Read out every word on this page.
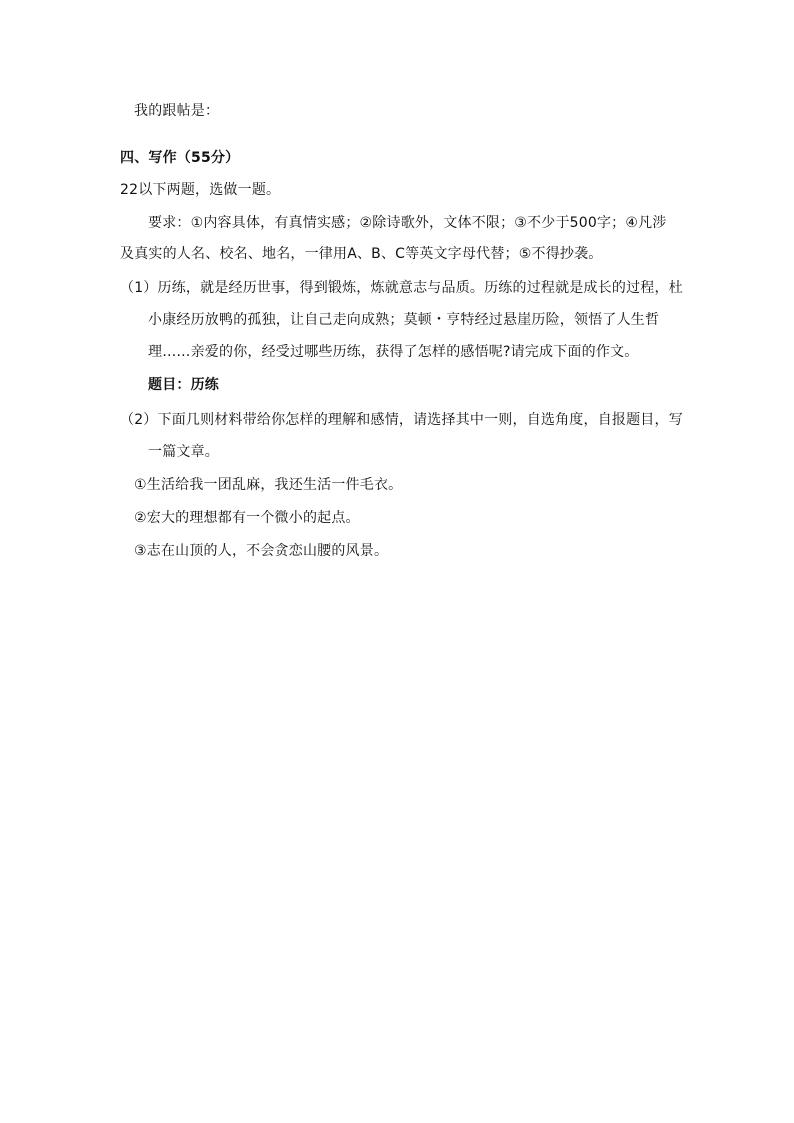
我的跟帖是：
四、写作（55分）
22以下两题，选做一题。
要求：①内容具体，有真情实感；②除诗歌外，文体不限；③不少于500字；④凡涉
及真实的人名、校名、地名，一律用A、B、C等英文字母代替；⑤不得抄袭。
（1）历练，就是经历世事，得到锻炼，炼就意志与品质。历练的过程就是成长的过程，杜
小康经历放鸭的孤独，让自己走向成熟；莫顿・亨特经过悬崖历险，领悟了人生哲
理……亲爱的你，经受过哪些历练，获得了怎样的感悟呢?请完成下面的作文。
题目：历练
（2）下面几则材料带给你怎样的理解和感情，请选择其中一则，自选角度，自报题目，写
一篇文章。
①生活给我一团乱麻，我还生活一件毛衣。
②宏大的理想都有一个微小的起点。
③志在山顶的人，不会贪恋山腰的风景。
